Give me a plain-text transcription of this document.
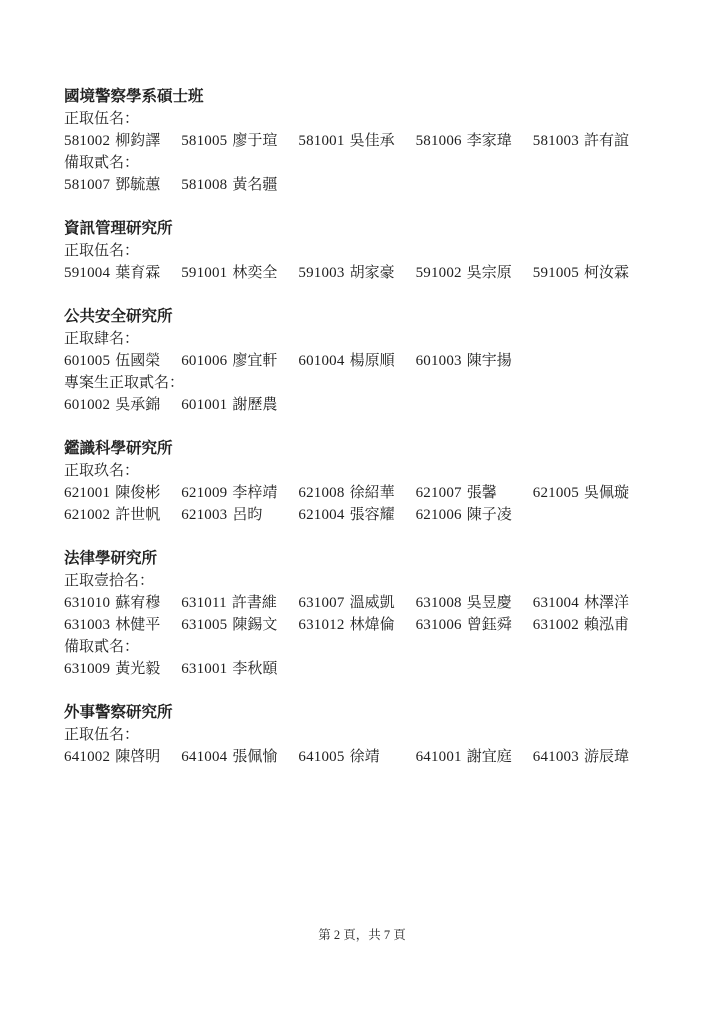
國境警察學系碩士班
正取伍名：
581002 柳鈞譯	581005 廖于瑄	581001 吳佳承	581006 李家瑋	581003 許有誼
備取貳名：
581007 鄧毓蕙	581008 黃名疆
資訊管理研究所
正取伍名：
591004 葉育霖	591001 林奕全	591003 胡家豪	591002 吳宗原	591005 柯汝霖
公共安全研究所
正取肆名：
601005 伍國榮	601006 廖宜軒	601004 楊原順	601003 陳宇揚
專案生正取貳名：
601002 吳承錦	601001 謝歷農
鑑識科學研究所
正取玖名：
621001 陳俊彬	621009 李梓靖	621008 徐紹華	621007 張馨	621005 吳佩璇
621002 許世帆	621003 呂昀	621004 張容耀	621006 陳子凌
法律學研究所
正取壹拾名：
631010 蘇宥穆	631011 許書維	631007 溫威凱	631008 吳昱慶	631004 林澤洋
631003 林健平	631005 陳錫文	631012 林煒倫	631006 曾鈺舜	631002 賴泓甫
備取貳名：
631009 黃光毅	631001 李秋頤
外事警察研究所
正取伍名：
641002 陳啓明	641004 張佩愉	641005 徐靖	641001 謝宜庭	641003 游辰瑋
第 2 頁，共 7 頁
